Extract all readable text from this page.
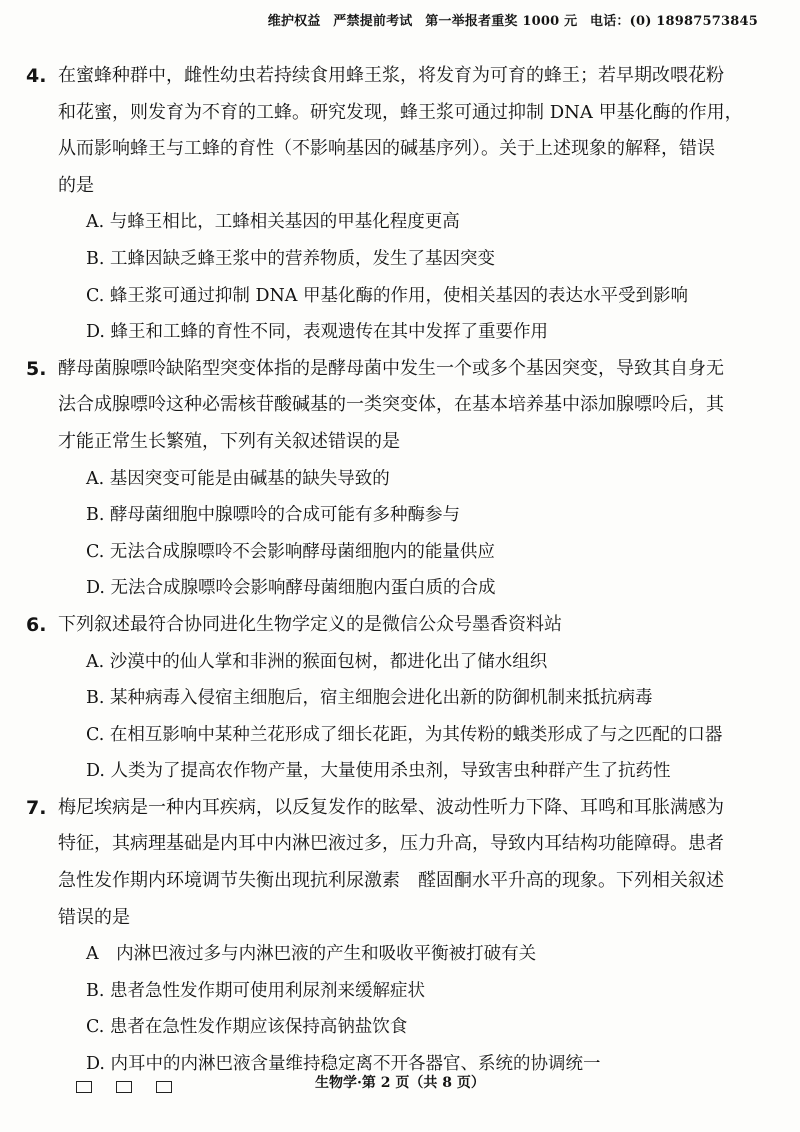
维护权益 严禁提前考试 第一举报者重奖 1000 元 电话：(0) 18987573845
4. 在蜜蜂种群中，雌性幼虫若持续食用蜂王浆，将发育为可育的蜂王；若早期改喂花粉
和花蜜，则发育为不育的工蜂。研究发现，蜂王浆可通过抑制 DNA 甲基化酶的作用，
从而影响蜂王与工蜂的育性（不影响基因的碱基序列）。关于上述现象的解释，错误
的是
A. 与蜂王相比，工蜂相关基因的甲基化程度更高
B. 工蜂因缺乏蜂王浆中的营养物质，发生了基因突变
C. 蜂王浆可通过抑制 DNA 甲基化酶的作用，使相关基因的表达水平受到影响
D. 蜂王和工蜂的育性不同，表观遗传在其中发挥了重要作用
5. 酵母菌腺嘌呤缺陷型突变体指的是酵母菌中发生一个或多个基因突变，导致其自身无
法合成腺嘌呤这种必需核苷酸碱基的一类突变体，在基本培养基中添加腺嘌呤后，其
才能正常生长繁殖，下列有关叙述错误的是
A. 基因突变可能是由碱基的缺失导致的
B. 酵母菌细胞中腺嘌呤的合成可能有多种酶参与
C. 无法合成腺嘌呤不会影响酵母菌细胞内的能量供应
D. 无法合成腺嘌呤会影响酵母菌细胞内蛋白质的合成
6. 下列叙述最符合协同进化生物学定义的是微信公众号墨香资料站
A. 沙漠中的仙人掌和非洲的猴面包树，都进化出了储水组织
B. 某种病毒入侵宿主细胞后，宿主细胞会进化出新的防御机制来抵抗病毒
C. 在相互影响中某种兰花形成了细长花距，为其传粉的蛾类形成了与之匹配的口器
D. 人类为了提高农作物产量，大量使用杀虫剂，导致害虫种群产生了抗药性
7. 梅尼埃病是一种内耳疾病，以反复发作的眩晕、波动性听力下降、耳鸣和耳胀满感为
特征，其病理基础是内耳中内淋巴液过多，压力升高，导致内耳结构功能障碍。患者
急性发作期内环境调节失衡出现抗利尿激素　醛固酮水平升高的现象。下列相关叙述
错误的是
A　内淋巴液过多与内淋巴液的产生和吸收平衡被打破有关
B. 患者急性发作期可使用利尿剂来缓解症状
C. 患者在急性发作期应该保持高钠盐饮食
D. 内耳中的内淋巴液含量维持稳定离不开各器官、系统的协调统一

生物学·第 2 页（共 8 页）
